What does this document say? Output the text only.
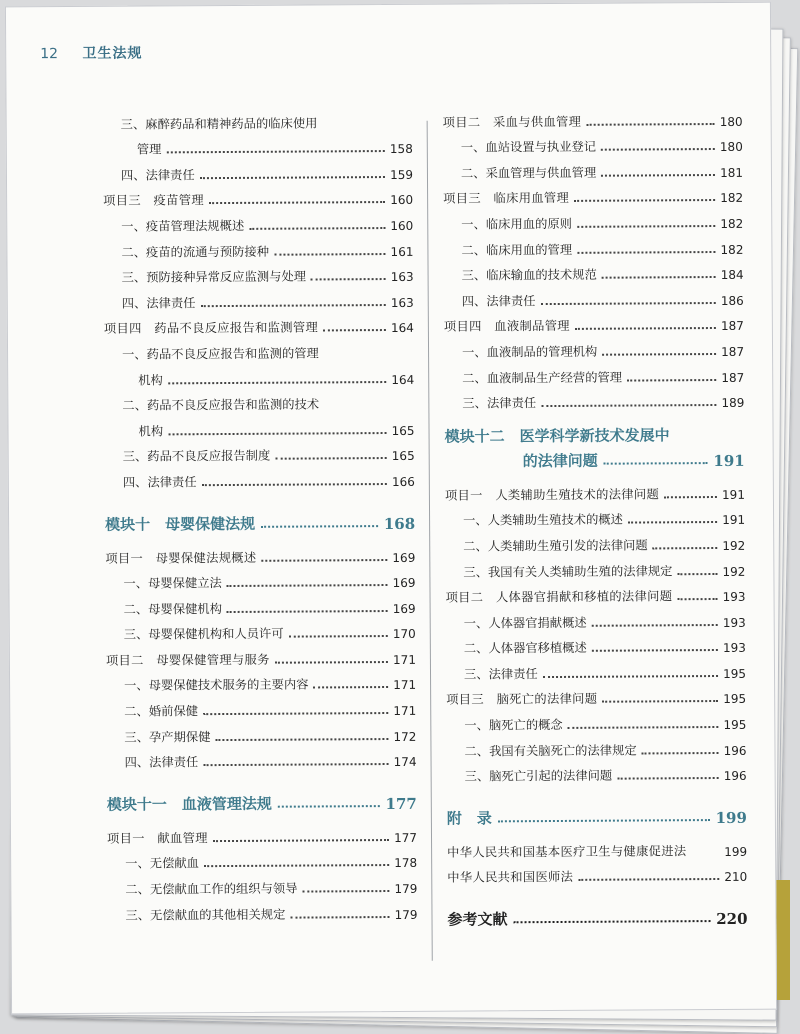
12 卫生法规
三、麻醉药品和精神药品的临床使用
管理	158
四、法律责任	159
项目三　疫苗管理	160
一、疫苗管理法规概述	160
二、疫苗的流通与预防接种	161
三、预防接种异常反应监测与处理	163
四、法律责任	163
项目四　药品不良反应报告和监测管理	164
一、药品不良反应报告和监测的管理
机构	164
二、药品不良反应报告和监测的技术
机构	165
三、药品不良反应报告制度	165
四、法律责任	166
模块十　母婴保健法规	168
项目一　母婴保健法规概述	169
一、母婴保健立法	169
二、母婴保健机构	169
三、母婴保健机构和人员许可	170
项目二　母婴保健管理与服务	171
一、母婴保健技术服务的主要内容	171
二、婚前保健	171
三、孕产期保健	172
四、法律责任	174
模块十一　血液管理法规	177
项目一　献血管理	177
一、无偿献血	178
二、无偿献血工作的组织与领导	179
三、无偿献血的其他相关规定	179
项目二　采血与供血管理	180
一、血站设置与执业登记	180
二、采血管理与供血管理	181
项目三　临床用血管理	182
一、临床用血的原则	182
二、临床用血的管理	182
三、临床输血的技术规范	184
四、法律责任	186
项目四　血液制品管理	187
一、血液制品的管理机构	187
二、血液制品生产经营的管理	187
三、法律责任	189
模块十二　医学科学新技术发展中
的法律问题	191
项目一　人类辅助生殖技术的法律问题	191
一、人类辅助生殖技术的概述	191
二、人类辅助生殖引发的法律问题	192
三、我国有关人类辅助生殖的法律规定	192
项目二　人体器官捐献和移植的法律问题	193
一、人体器官捐献概述	193
二、人体器官移植概述	193
三、法律责任	195
项目三　脑死亡的法律问题	195
一、脑死亡的概念	195
二、我国有关脑死亡的法律规定	196
三、脑死亡引起的法律问题	196
附　录	199
中华人民共和国基本医疗卫生与健康促进法	199
中华人民共和国医师法	210
参考文献	220
